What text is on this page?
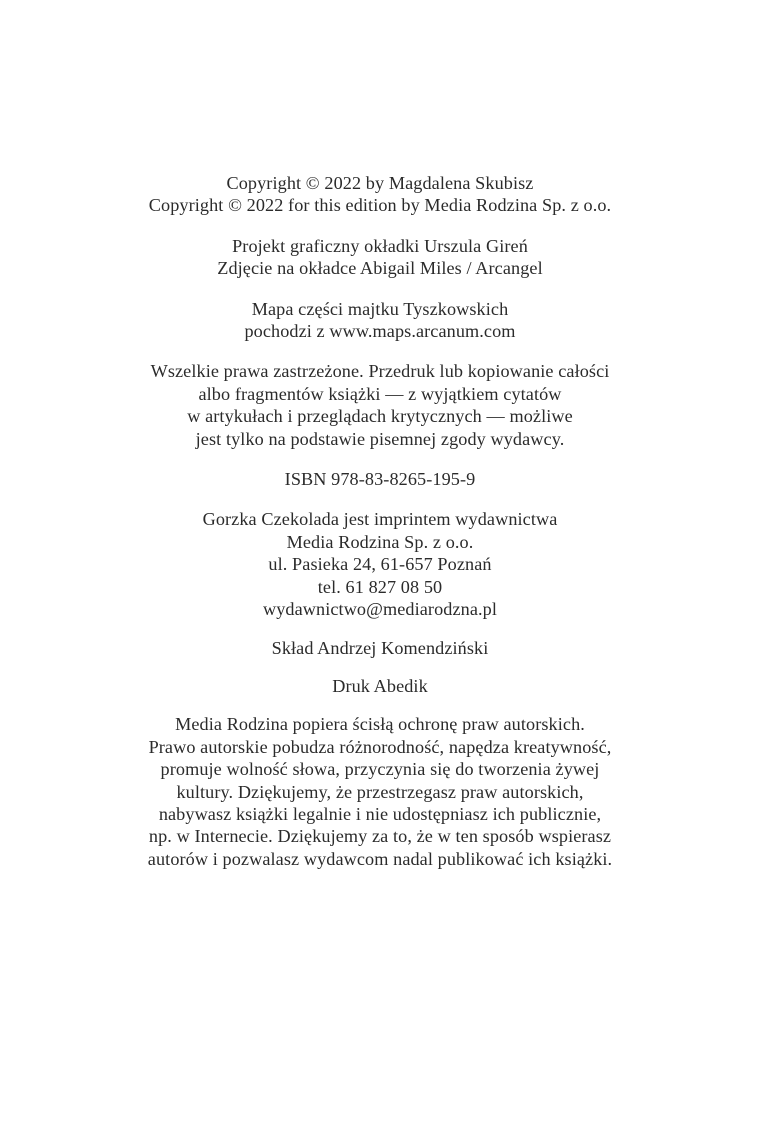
Copyright © 2022 by Magdalena Skubisz
Copyright © 2022 for this edition by Media Rodzina Sp. z o.o.

Projekt graficzny okładki Urszula Gireń
Zdjęcie na okładce Abigail Miles / Arcangel

Mapa części majtku Tyszkowskich
pochodzi z www.maps.arcanum.com

Wszelkie prawa zastrzeżone. Przedruk lub kopiowanie całości
albo fragmentów książki — z wyjątkiem cytatów
w artykułach i przeglądach krytycznych — możliwe
jest tylko na podstawie pisemnej zgody wydawcy.

ISBN 978-83-8265-195-9

Gorzka Czekolada jest imprintem wydawnictwa
Media Rodzina Sp. z o.o.
ul. Pasieka 24, 61-657 Poznań
tel. 61 827 08 50
wydawnictwo@mediarodzna.pl

Skład Andrzej Komendziński

Druk Abedik

Media Rodzina popiera ścisłą ochronę praw autorskich.
Prawo autorskie pobudza różnorodność, napędza kreatywność,
promuje wolność słowa, przyczynia się do tworzenia żywej
kultury. Dziękujemy, że przestrzegasz praw autorskich,
nabywasz książki legalnie i nie udostępniasz ich publicznie,
np. w Internecie. Dziękujemy za to, że w ten sposób wspierasz
autorów i pozwalasz wydawcom nadal publikować ich książki.
